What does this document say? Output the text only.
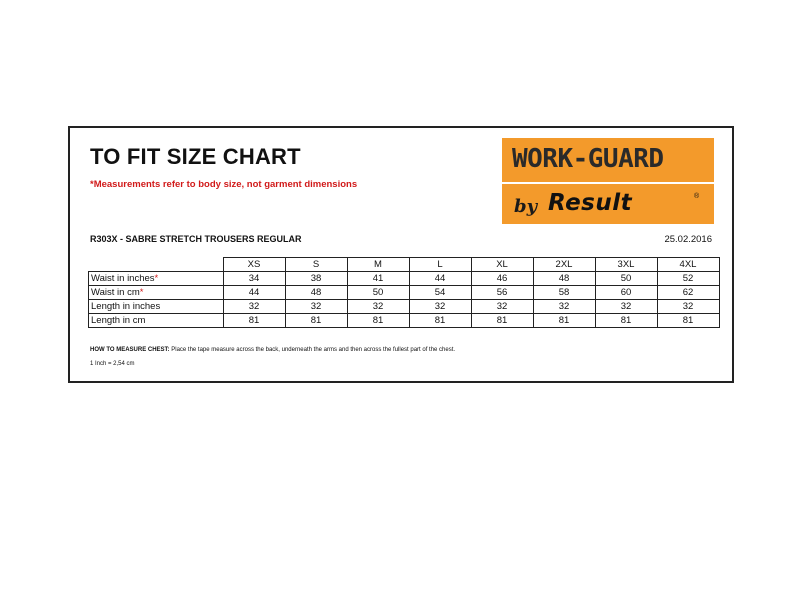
TO FIT SIZE CHART
*Measurements refer to body size, not garment dimensions
WORK-GUARD
by Result	®
R303X - SABRE STRETCH TROUSERS REGULAR	25.02.2016
	XS	S	M	L	XL	2XL	3XL	4XL
Waist in inches*	34	38	41	44	46	48	50	52
Waist in cm*	44	48	50	54	56	58	60	62
Length in inches	32	32	32	32	32	32	32	32
Length in cm	81	81	81	81	81	81	81	81
HOW TO MEASURE CHEST: Place the tape measure across the back, underneath the arms and then across the fullest part of the chest.
1 Inch = 2,54 cm
